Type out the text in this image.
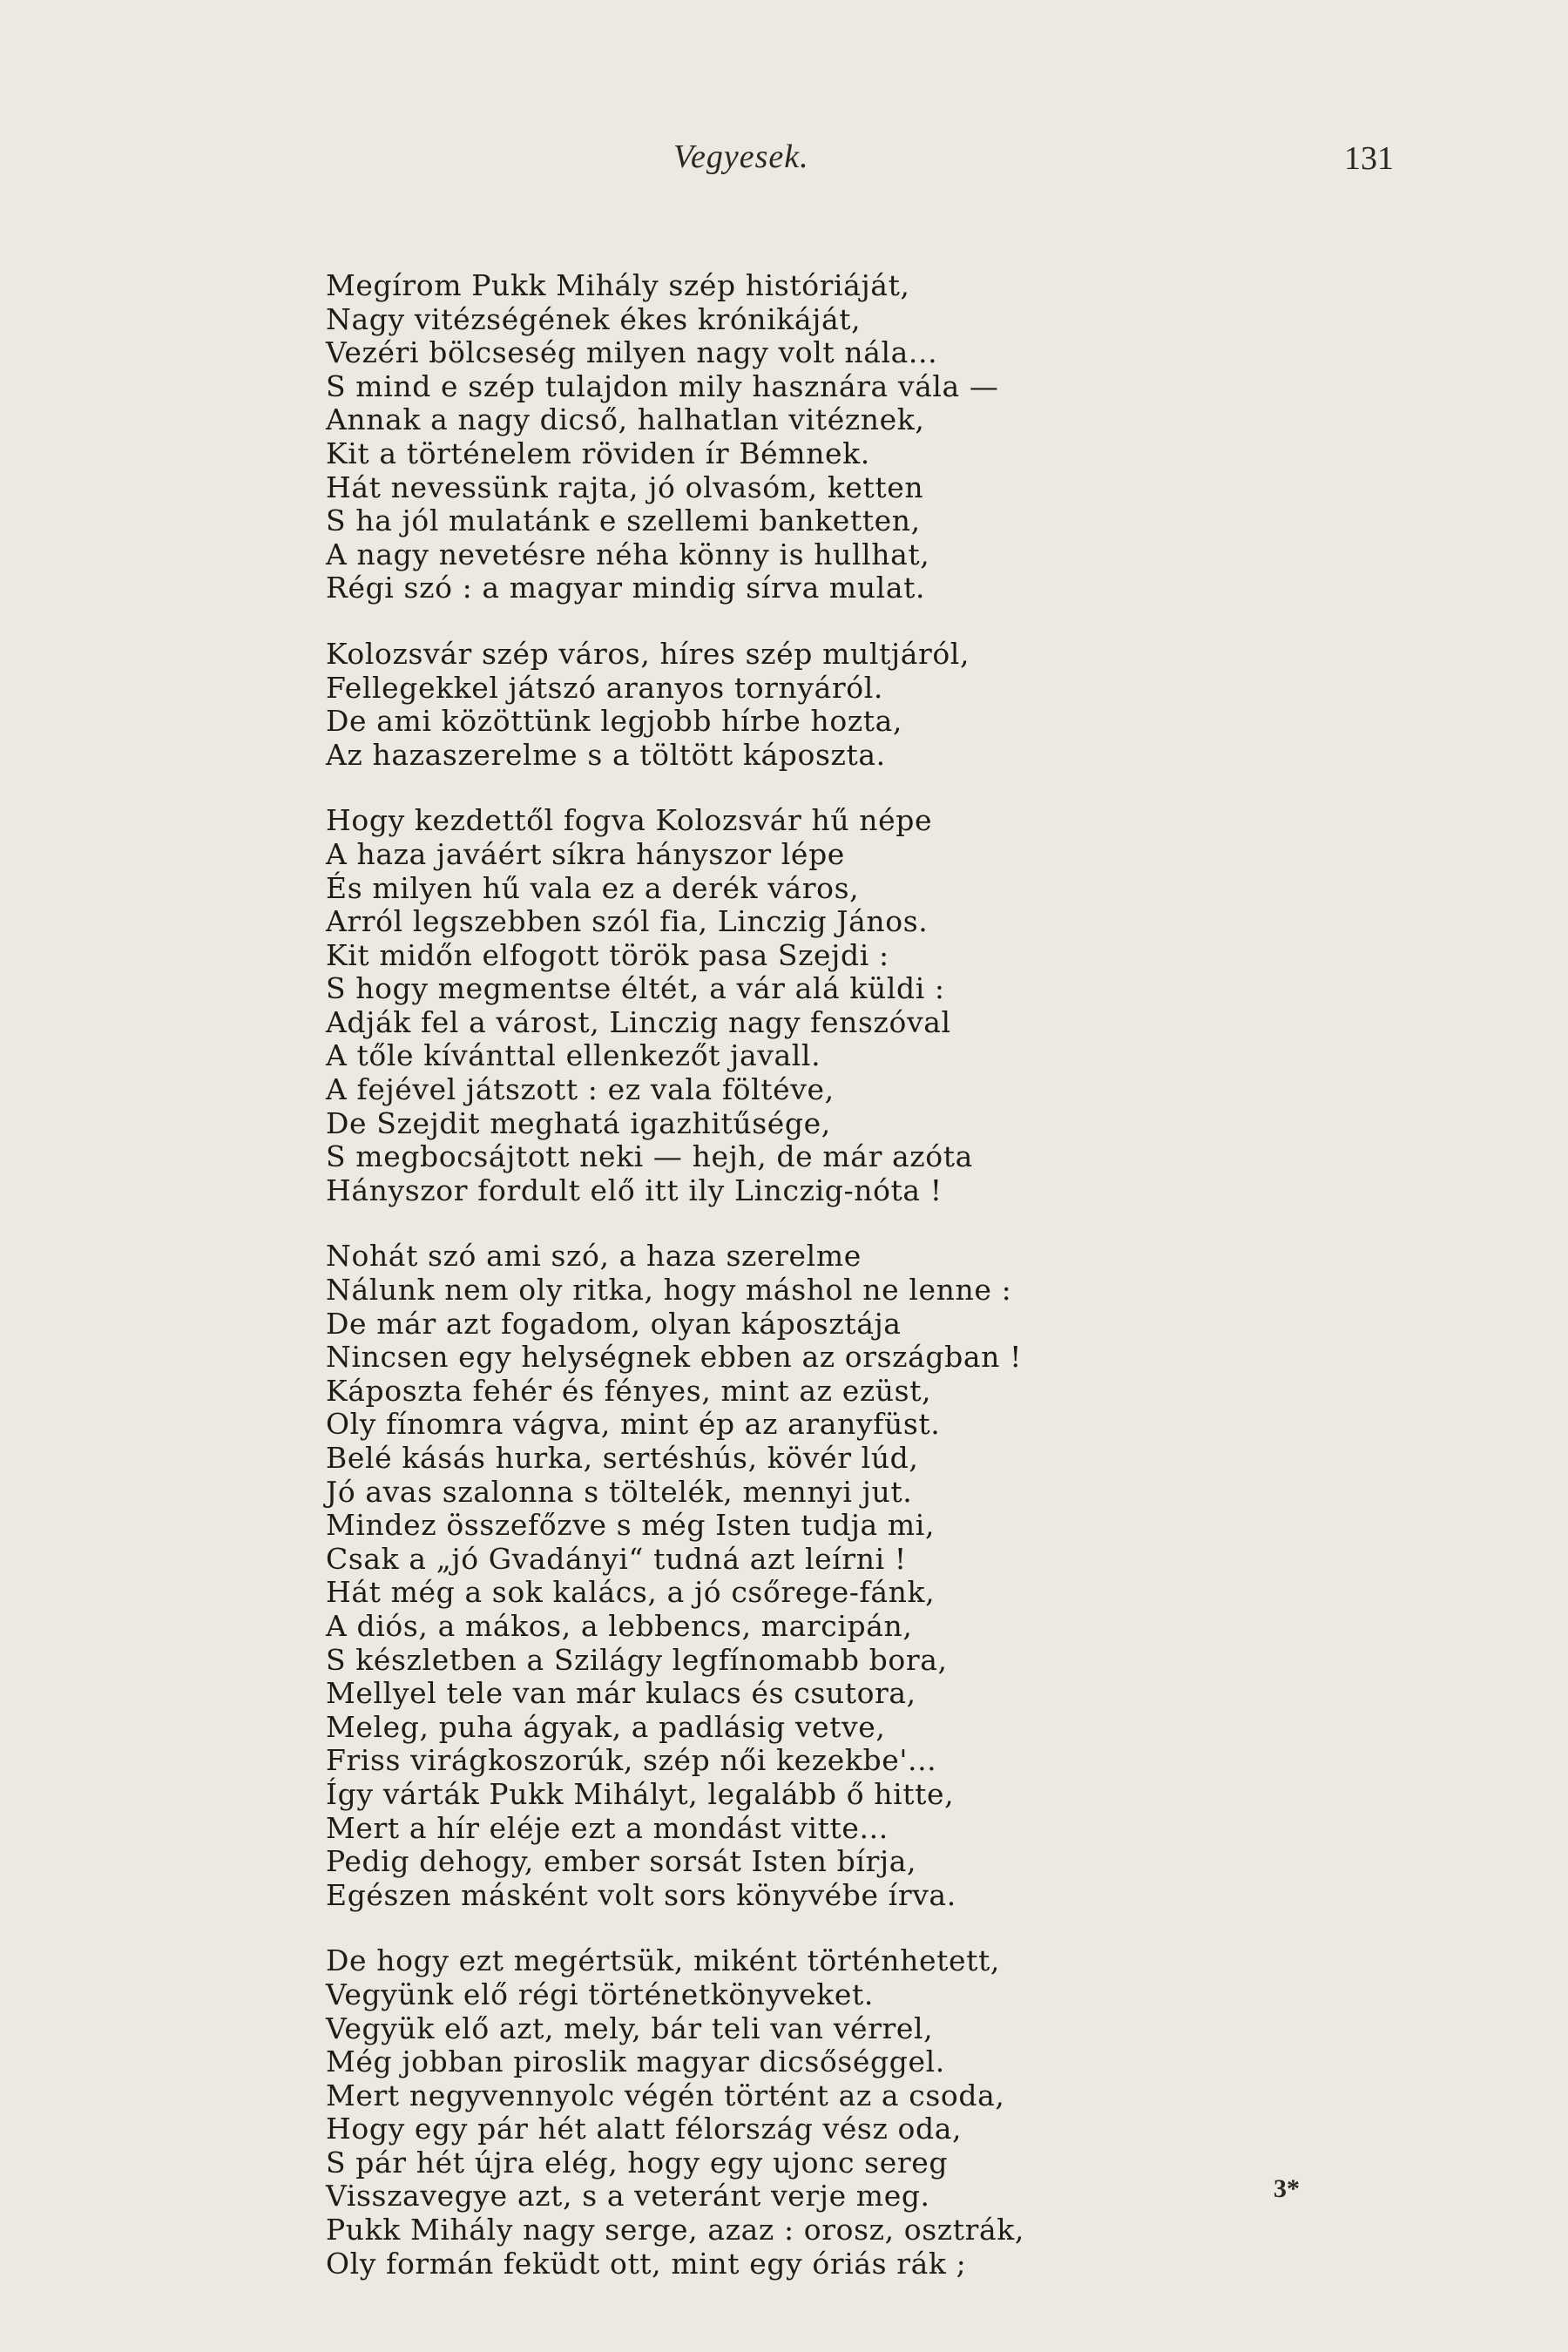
Vegyesek.	131
Megírom Pukk Mihály szép históriáját,
Nagy vitézségének ékes krónikáját,
Vezéri bölcseség milyen nagy volt nála...
S mind e szép tulajdon mily hasznára vála —
Annak a nagy dicső, halhatlan vitéznek,
Kit a történelem röviden ír Bémnek.
Hát nevessünk rajta, jó olvasóm, ketten
S ha jól mulatánk e szellemi banketten,
A nagy nevetésre néha könny is hullhat,
Régi szó : a magyar mindig sírva mulat.
Kolozsvár szép város, híres szép multjáról,
Fellegekkel játszó aranyos tornyáról.
De ami közöttünk legjobb hírbe hozta,
Az hazaszerelme s a töltött káposzta.
Hogy kezdettől fogva Kolozsvár hű népe
A haza javáért síkra hányszor lépe
És milyen hű vala ez a derék város,
Arról legszebben szól fia, Linczig János.
Kit midőn elfogott török pasa Szejdi :
S hogy megmentse éltét, a vár alá küldi :
Adják fel a várost, Linczig nagy fenszóval
A tőle kívánttal ellenkezőt javall.
A fejével játszott : ez vala föltéve,
De Szejdit meghatá igazhitűsége,
S megbocsájtott neki — hejh, de már azóta
Hányszor fordult elő itt ily Linczig-nóta !
Nohát szó ami szó, a haza szerelme
Nálunk nem oly ritka, hogy máshol ne lenne :
De már azt fogadom, olyan káposztája
Nincsen egy helységnek ebben az országban !
Káposzta fehér és fényes, mint az ezüst,
Oly fínomra vágva, mint ép az aranyfüst.
Belé kásás hurka, sertéshús, kövér lúd,
Jó avas szalonna s töltelék, mennyi jut.
Mindez összefőzve s még Isten tudja mi,
Csak a „jó Gvadányi“ tudná azt leírni !
Hát még a sok kalács, a jó csőrege-fánk,
A diós, a mákos, a lebbencs, marcipán,
S készletben a Szilágy legfínomabb bora,
Mellyel tele van már kulacs és csutora,
Meleg, puha ágyak, a padlásig vetve,
Friss virágkoszorúk, szép női kezekbe'...
Így várták Pukk Mihályt, legalább ő hitte,
Mert a hír eléje ezt a mondást vitte...
Pedig dehogy, ember sorsát Isten bírja,
Egészen másként volt sors könyvébe írva.
De hogy ezt megértsük, miként történhetett,
Vegyünk elő régi történetkönyveket.
Vegyük elő azt, mely, bár teli van vérrel,
Még jobban piroslik magyar dicsőséggel.
Mert negyvennyolc végén történt az a csoda,
Hogy egy pár hét alatt félország vész oda,
S pár hét újra elég, hogy egy ujonc sereg
Visszavegye azt, s a veteránt verje meg.
Pukk Mihály nagy serge, azaz : orosz, osztrák,
Oly formán feküdt ott, mint egy óriás rák ;
3*
